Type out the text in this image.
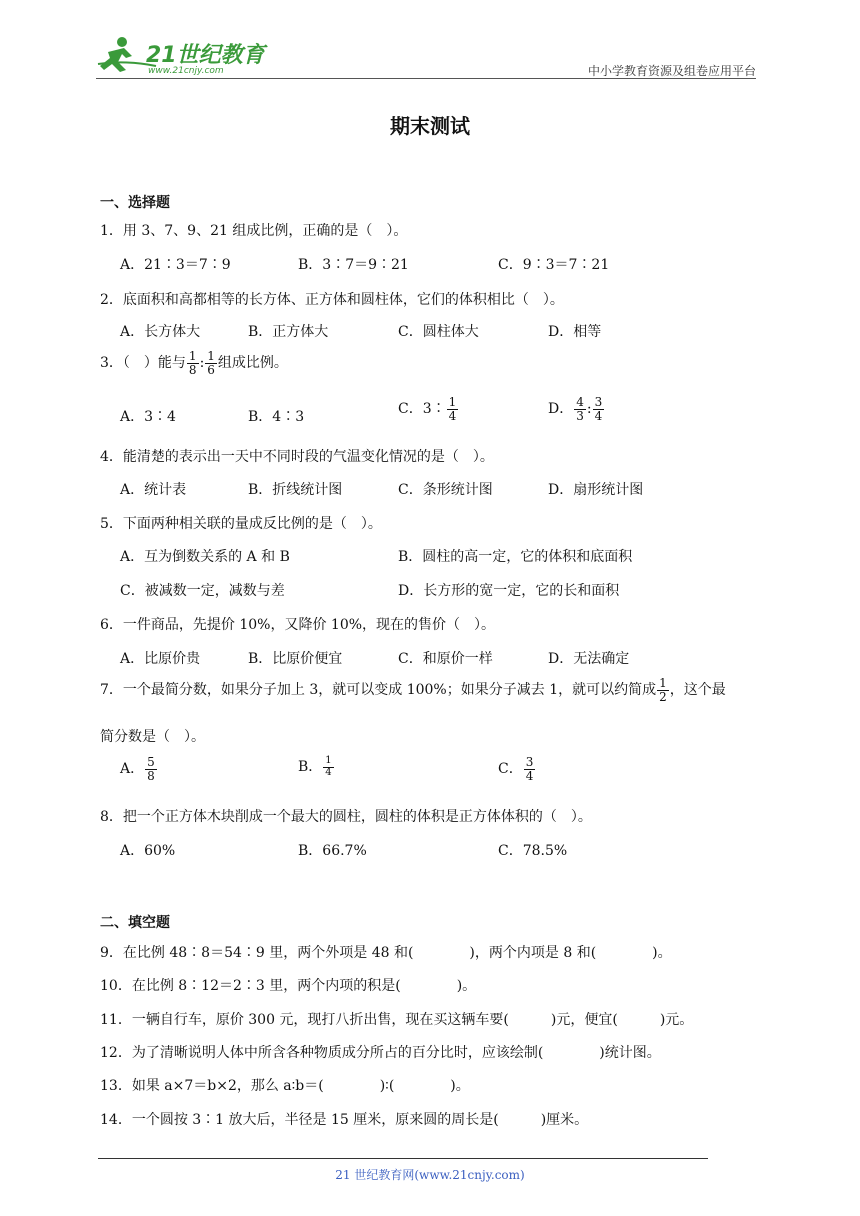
21世纪教育
www.21cnjy.com	中小学教育资源及组卷应用平台
期末测试
一、选择题
1．用 3、7、9、21 组成比例，正确的是（　）。
A．21∶3＝7∶9	B．3∶7＝9∶21	C．9∶3＝7∶21
2．底面积和高都相等的长方体、正方体和圆柱体，它们的体积相比（　）。
A．长方体大	B．正方体大	C．圆柱体大	D．相等
3．（　）能与 $\frac{1}{8}$ : $\frac{1}{6}$ 组成比例。
A．3∶4	B．4∶3	C．3∶ $\frac{1}{4}$	D． $\frac{4}{3}$ : $\frac{3}{4}$
4．能清楚的表示出一天中不同时段的气温变化情况的是（　）。
A．统计表	B．折线统计图	C．条形统计图	D．扇形统计图
5．下面两种相关联的量成反比例的是（　）。
A．互为倒数关系的 A 和 B	B．圆柱的高一定，它的体积和底面积
C．被减数一定，减数与差	D．长方形的宽一定，它的长和面积
6．一件商品，先提价 10%，又降价 10%，现在的售价（　）。
A．比原价贵	B．比原价便宜	C．和原价一样	D．无法确定
7．一个最简分数，如果分子加上 3，就可以变成 100%；如果分子减去 1，就可以约简成 $\frac{1}{2}$ ，这个最
简分数是（　）。
A． $\frac{5}{8}$	B． $\frac{1}{4}$	C． $\frac{3}{4}$
8．把一个正方体木块削成一个最大的圆柱，圆柱的体积是正方体体积的（　）。
A．60%	B．66.7%	C．78.5%
二、填空题
9．在比例 48∶8＝54∶9 里，两个外项是 48 和(　　　　)，两个内项是 8 和(　　　　)。
10．在比例 8∶12＝2∶3 里，两个内项的积是(　　　　)。
11．一辆自行车，原价 300 元，现打八折出售，现在买这辆车要(　　　)元，便宜(　　　)元。
12．为了清晰说明人体中所含各种物质成分所占的百分比时，应该绘制(　　　　)统计图。
13．如果 a×7＝b×2，那么 a∶b＝(　　　　)∶(　　　　)。
14．一个圆按 3∶1 放大后，半径是 15 厘米，原来圆的周长是(　　　)厘米。
21 世纪教育网(www.21cnjy.com)
